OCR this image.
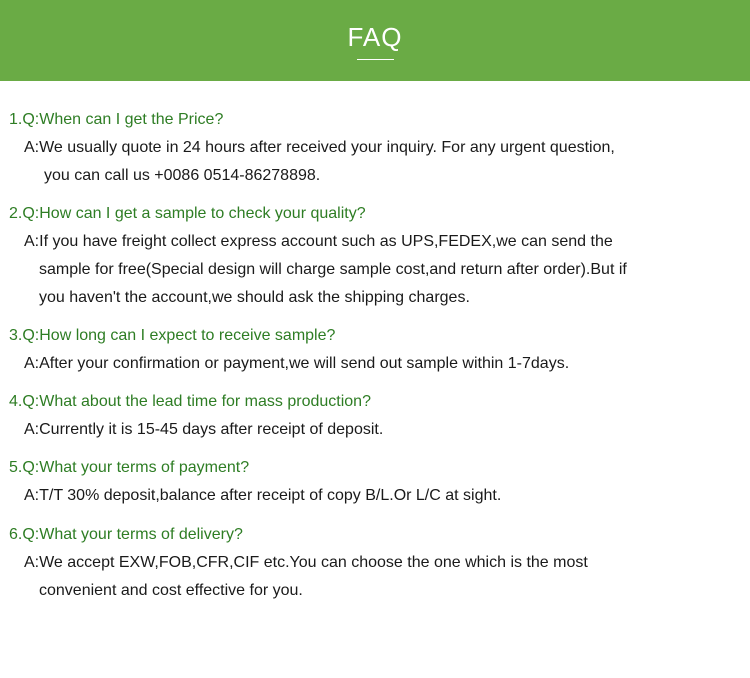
FAQ
1.Q:When can I get the Price?
A:We usually quote in 24 hours after received your inquiry. For any urgent question,
you can call us +0086 0514-86278898.
2.Q:How can I get a sample to check your quality?
A:If you have freight collect express account such as UPS,FEDEX,we can send the
sample for free(Special design will charge sample cost,and return after order).But if
you haven't the account,we should ask the shipping charges.
3.Q:How long can I expect to receive sample?
A:After your confirmation or payment,we will send out sample within 1-7days.
4.Q:What about the lead time for mass production?
A:Currently it is 15-45 days after receipt of deposit.
5.Q:What your terms of payment?
A:T/T 30% deposit,balance after receipt of copy B/L.Or L/C at sight.
6.Q:What your terms of delivery?
A:We accept EXW,FOB,CFR,CIF etc.You can choose the one which is the most
convenient and cost effective for you.
